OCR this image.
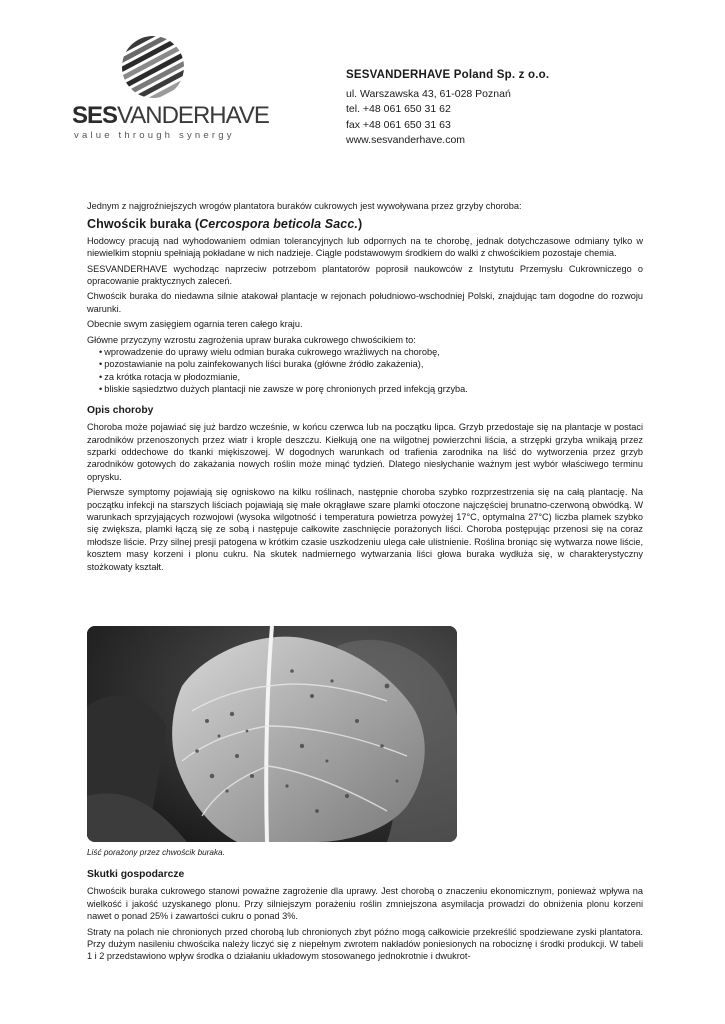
SESVANDERHAVE
value through synergy
SESVANDERHAVE Poland Sp. z o.o.
ul. Warszawska 43, 61-028 Poznań
tel. +48 061 650 31 62
fax +48 061 650 31 63
www.sesvanderhave.com

Jednym z najgroźniejszych wrogów plantatora buraków cukrowych jest wywoływana przez grzyby choroba:

Chwościk buraka (Cercospora beticola Sacc.)

Hodowcy pracują nad wyhodowaniem odmian tolerancyjnych lub odpornych na te chorobę, jednak dotychczasowe odmiany tylko w niewielkim stopniu spełniają pokładane w nich nadzieje. Ciągle podstawowym środkiem do walki z chwościkiem pozostaje chemia.

SESVANDERHAVE wychodząc naprzeciw potrzebom plantatorów poprosił naukowców z Instytutu Przemysłu Cukrowniczego o opracowanie praktycznych zaleceń.

Chwościk buraka do niedawna silnie atakował plantacje w rejonach południowo-wschodniej Polski, znajdując tam dogodne do rozwoju warunki.

Obecnie swym zasięgiem ogarnia teren całego kraju.

Główne przyczyny wzrostu zagrożenia upraw buraka cukrowego chwościkiem to:

• wprowadzenie do uprawy wielu odmian buraka cukrowego wrażliwych na chorobę,
• pozostawianie na polu zainfekowanych liści buraka (główne źródło zakażenia),
• za krótka rotacja w płodozmianie,
• bliskie sąsiedztwo dużych plantacji nie zawsze w porę chronionych przed infekcją grzyba.
Opis choroby

Choroba może pojawiać się już bardzo wcześnie, w końcu czerwca lub na początku lipca. Grzyb przedostaje się na plantacje w postaci zarodników przenoszonych przez wiatr i krople deszczu. Kiełkują one na wilgotnej powierzchni liścia, a strzępki grzyba wnikają przez szparki oddechowe do tkanki miękiszowej. W dogodnych warunkach od trafienia zarodnika na liść do wytworzenia przez grzyb zarodników gotowych do zakażania nowych roślin może minąć tydzień. Dlatego niesłychanie ważnym jest wybór właściwego terminu oprysku.

Pierwsze symptomy pojawiają się ogniskowo na kilku roślinach, następnie choroba szybko rozprzestrzenia się na całą plantację. Na początku infekcji na starszych liściach pojawiają się małe okrągławe szare plamki otoczone najczęściej brunatno-czerwoną obwódką. W warunkach sprzyjających rozwojowi (wysoka wilgotność i temperatura powietrza powyżej 17°C, optymalna 27°C) liczba plamek szybko się zwiększa, plamki łączą się ze sobą i następuje całkowite zaschnięcie porażonych liści. Choroba postępując przenosi się na coraz młodsze liście. Przy silnej presji patogena w krótkim czasie uszkodzeniu ulega całe ulistnienie. Roślina broniąc się wytwarza nowe liście, kosztem masy korzeni i plonu cukru. Na skutek nadmiernego wytwarzania liści głowa buraka wydłuża się, w charakterystyczny stożkowaty kształt.

Liść porażony przez chwościk buraka.
Skutki gospodarcze

Chwościk buraka cukrowego stanowi poważne zagrożenie dla uprawy. Jest chorobą o znaczeniu ekonomicznym, ponieważ wpływa na wielkość i jakość uzyskanego plonu. Przy silniejszym porażeniu roślin zmniejszona asymilacja prowadzi do obniżenia plonu korzeni nawet o ponad 25% i zawartości cukru o ponad 3%.

Straty na polach nie chronionych przed chorobą lub chronionych zbyt późno mogą całkowicie przekreślić spodziewane zyski plantatora. Przy dużym nasileniu chwościka należy liczyć się z niepełnym zwrotem nakładów poniesionych na robociznę i środki produkcji. W tabeli 1 i 2 przedstawiono wpływ środka o działaniu układowym stosowanego jednokrotnie i dwukrot-
